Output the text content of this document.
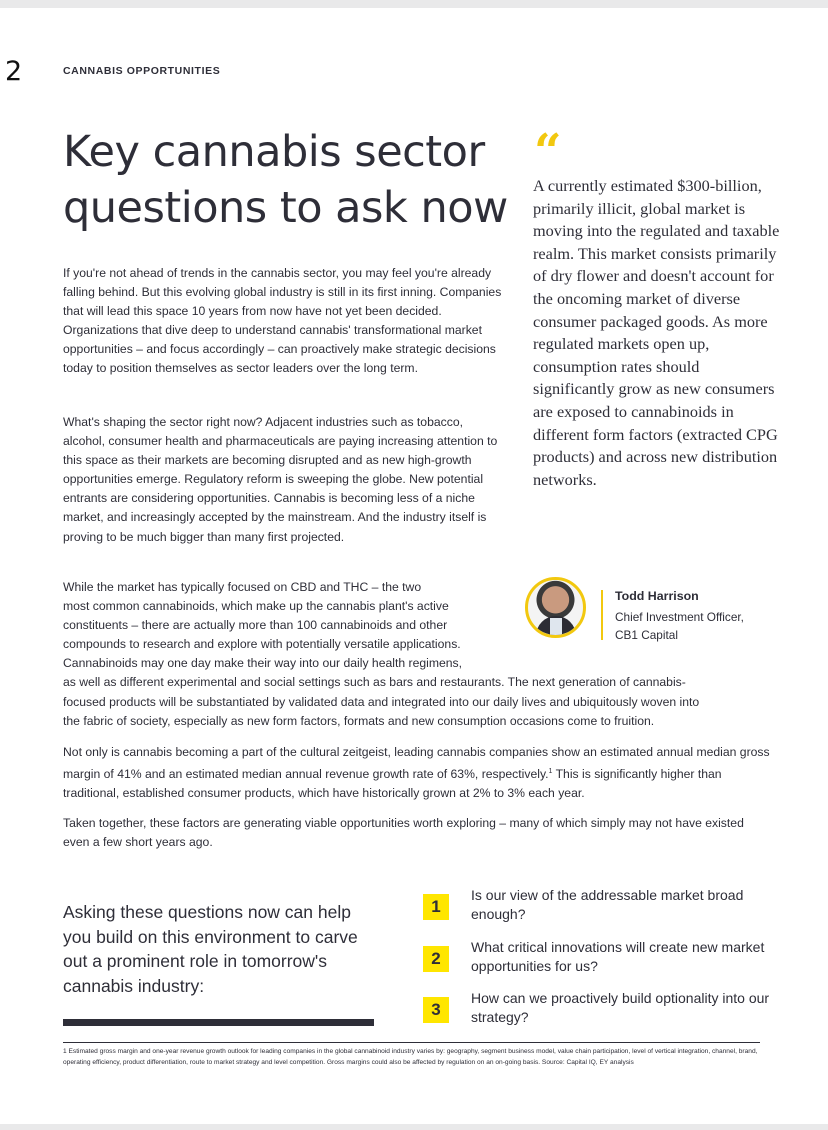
2	CANNABIS OPPORTUNITIES
Key cannabis sector questions to ask now

If you're not ahead of trends in the cannabis sector, you may feel you're already falling behind. But this evolving global industry is still in its first inning. Companies that will lead this space 10 years from now have not yet been decided. Organizations that dive deep to understand cannabis' transformational market opportunities – and focus accordingly – can proactively make strategic decisions today to position themselves as sector leaders over the long term.

What's shaping the sector right now? Adjacent industries such as tobacco, alcohol, consumer health and pharmaceuticals are paying increasing attention to this space as their markets are becoming disrupted and as new high-growth opportunities emerge. Regulatory reform is sweeping the globe. New potential entrants are considering opportunities. Cannabis is becoming less of a niche market, and increasingly accepted by the mainstream. And the industry itself is proving to be much bigger than many first projected.

While the market has typically focused on CBD and THC – the two
most common cannabinoids, which make up the cannabis plant's active
constituents – there are actually more than 100 cannabinoids and other
compounds to research and explore with potentially versatile applications.
Cannabinoids may one day make their way into our daily health regimens,
as well as different experimental and social settings such as bars and restaurants. The next generation of cannabis-
focused products will be substantiated by validated data and integrated into our daily lives and ubiquitously woven into
the fabric of society, especially as new form factors, formats and new consumption occasions come to fruition.

Not only is cannabis becoming a part of the cultural zeitgeist, leading cannabis companies show an estimated annual median gross margin of 41% and an estimated median annual revenue growth rate of 63%, respectively.$^1$ This is significantly higher than traditional, established consumer products, which have historically grown at 2% to 3% each year.

Taken together, these factors are generating viable opportunities worth exploring – many of which simply may not have existed even a few short years ago.

“
A currently estimated $300-billion, primarily illicit, global market is moving into the regulated and taxable realm. This market consists primarily of dry flower and doesn't account for the oncoming market of diverse consumer packaged goods. As more regulated markets open up, consumption rates should significantly grow as new consumers are exposed to cannabinoids in different form factors (extracted CPG products) and across new distribution networks.
Todd Harrison
Chief Investment Officer,
CB1 Capital
Asking these questions now can help you build on this environment to carve out a prominent role in tomorrow's cannabis industry:
1
Is our view of the addressable market broad enough?
2
What critical innovations will create new market opportunities for us?
3
How can we proactively build optionality into our strategy?
1 Estimated gross margin and one-year revenue growth outlook for leading companies in the global cannabinoid industry varies by: geography, segment business model, value chain participation, level of vertical integration, channel, brand, operating efficiency, product differentiation, route to market strategy and level competition. Gross margins could also be affected by regulation on an on-going basis. Source: Capital IQ, EY analysis
